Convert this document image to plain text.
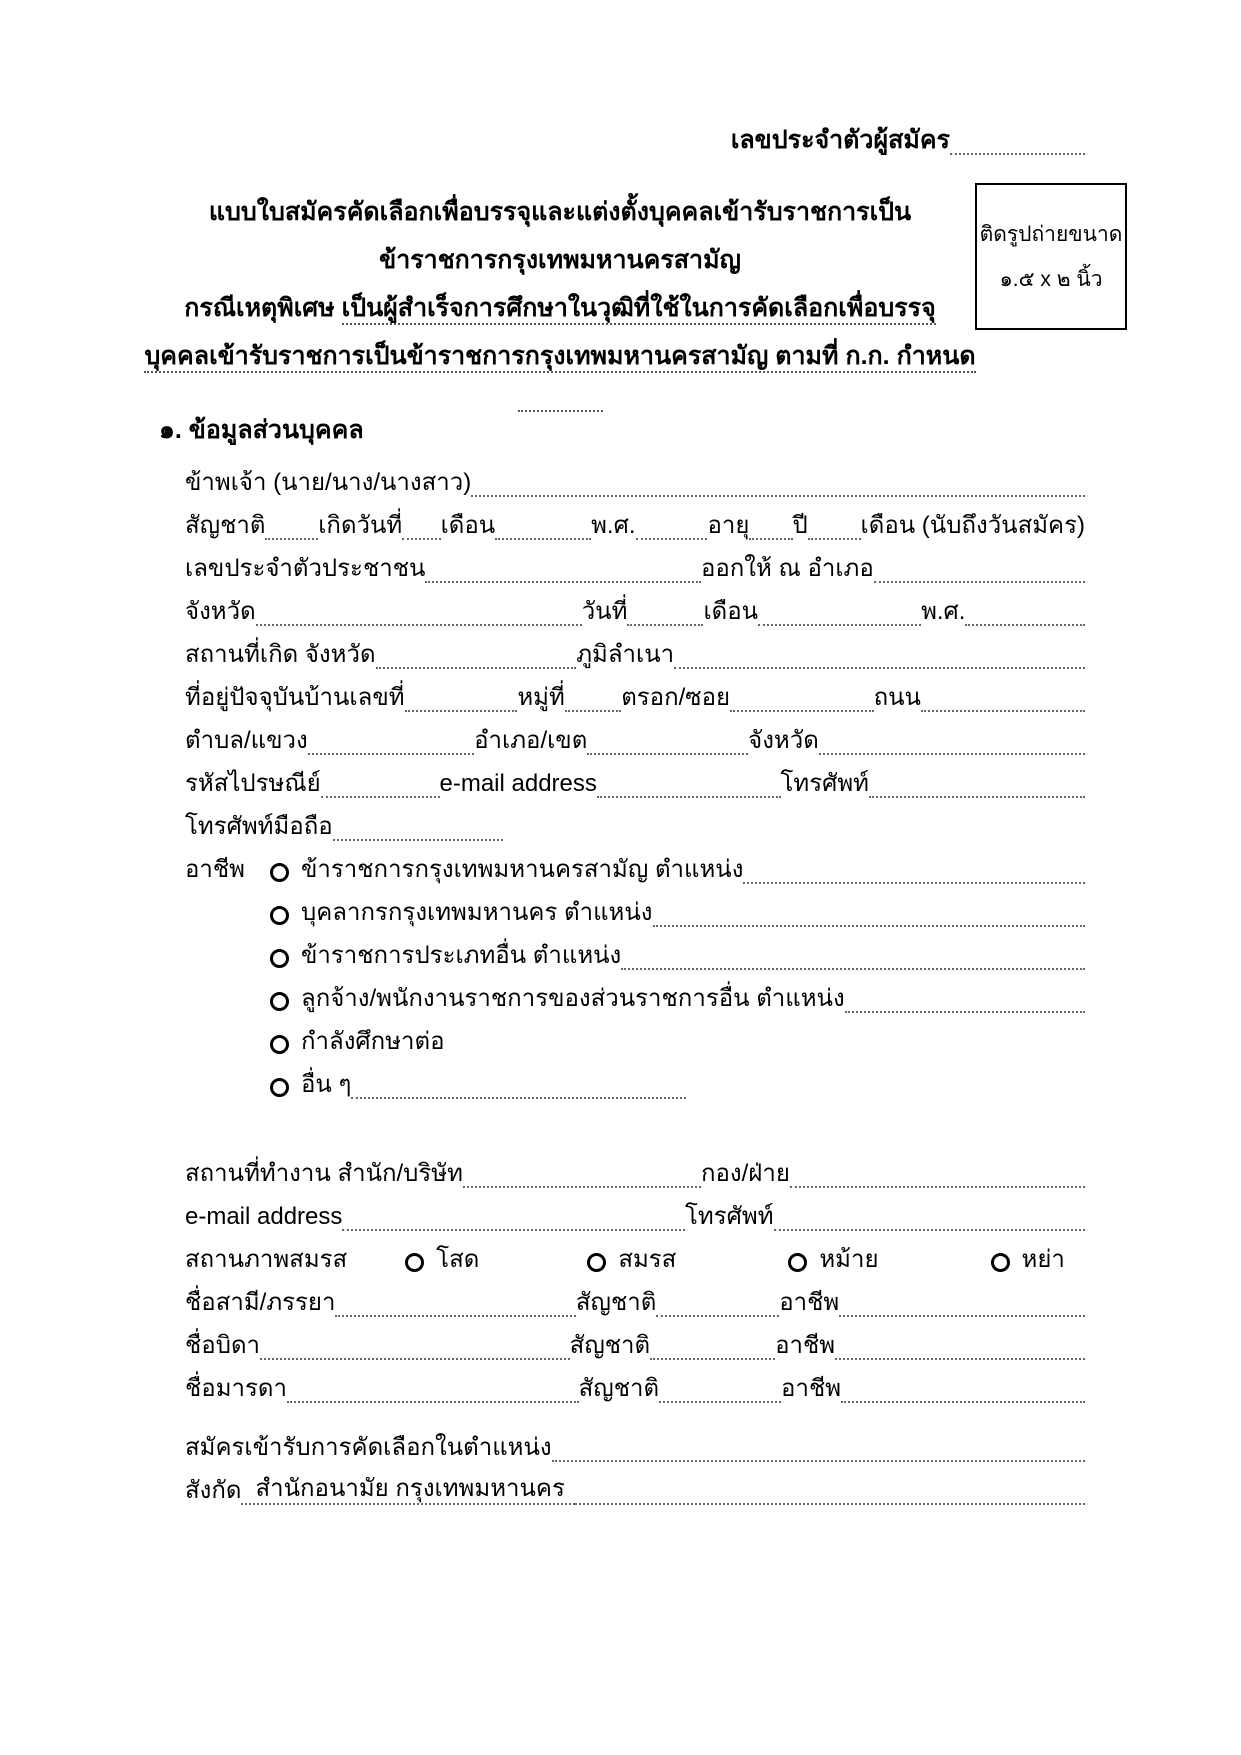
เลขประจำตัวผู้สมัคร
ติดรูปถ่ายขนาด
๑.๕ x ๒ นิ้ว
แบบใบสมัครคัดเลือกเพื่อบรรจุและแต่งตั้งบุคคลเข้ารับราชการเป็น
ข้าราชการกรุงเทพมหานครสามัญ
กรณีเหตุพิเศษ เป็นผู้สำเร็จการศึกษาในวุฒิที่ใช้ในการคัดเลือกเพื่อบรรจุ
บุคคลเข้ารับราชการเป็นข้าราชการกรุงเทพมหานครสามัญ ตามที่ ก.ก. กำหนด
๑. ข้อมูลส่วนบุคคล
ข้าพเจ้า (นาย/นาง/นางสาว)
สัญชาติ เกิดวันที่ เดือน	พ.ศ.	อายุ ปี เดือน (นับถึงวันสมัคร)
เลขประจำตัวประชาชน	ออกให้ ณ อำเภอ
จังหวัด	วันที่	เดือน	พ.ศ.
สถานที่เกิด จังหวัด	ภูมิลำเนา
ที่อยู่ปัจจุบันบ้านเลขที่	หมู่ที่ ตรอก/ซอย	ถนน
ตำบล/แขวง	อำเภอ/เขต	จังหวัด
รหัสไปรษณีย์	e-mail address	โทรศัพท์
โทรศัพท์มือถือ
อาชีพ	ข้าราชการกรุงเทพมหานครสามัญ ตำแหน่ง
บุคลากรกรุงเทพมหานคร ตำแหน่ง
ข้าราชการประเภทอื่น ตำแหน่ง
ลูกจ้าง/พนักงานราชการของส่วนราชการอื่น ตำแหน่ง
กำลังศึกษาต่อ
อื่น ๆ
สถานที่ทำงาน สำนัก/บริษัท	กอง/ฝ่าย
e-mail address	โทรศัพท์
สถานภาพสมรส	โสด	สมรส	หม้าย	หย่า
ชื่อสามี/ภรรยา	สัญชาติ	อาชีพ
ชื่อบิดา	สัญชาติ	อาชีพ
ชื่อมารดา	สัญชาติ	อาชีพ
สมัครเข้ารับการคัดเลือกในตำแหน่ง
สังกัด สำนักอนามัย กรุงเทพมหานคร
